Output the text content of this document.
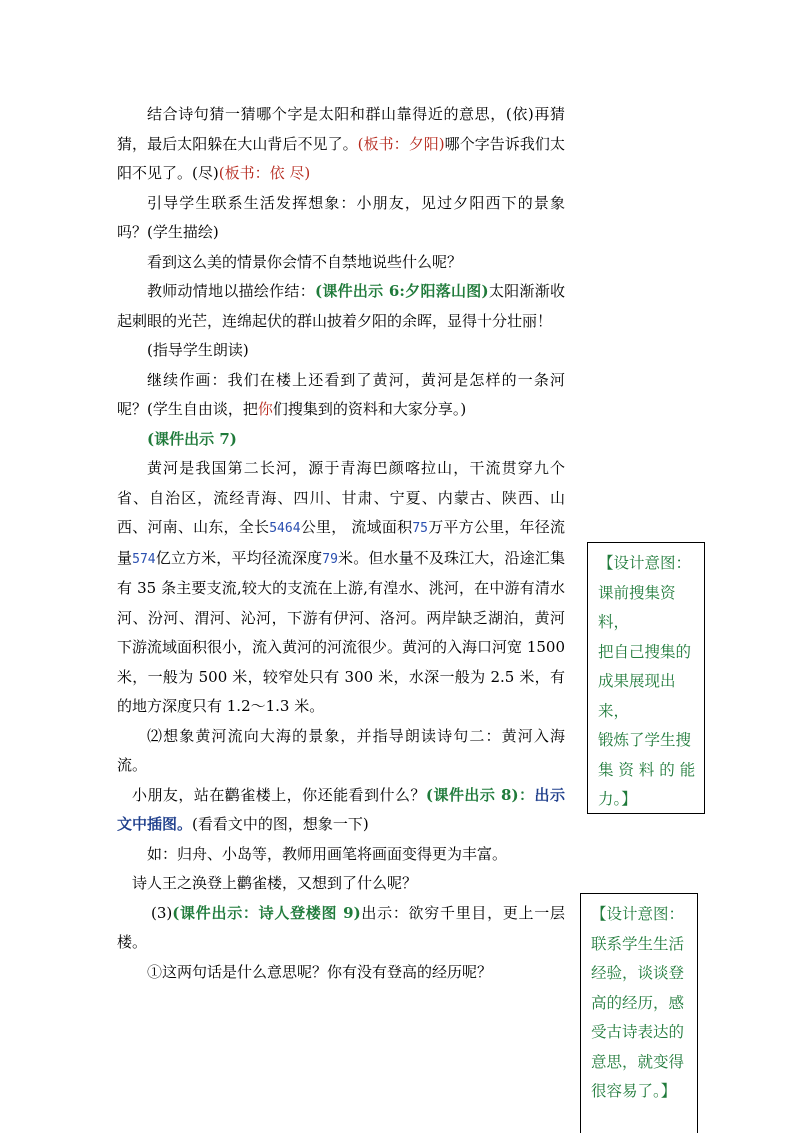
结合诗句猜一猜哪个字是太阳和群山靠得近的意思，(依)再猜猜，最后太阳躲在大山背后不见了。(板书：夕阳)哪个字告诉我们太阳不见了。(尽)(板书：依 尽)

引导学生联系生活发挥想象：小朋友，见过夕阳西下的景象吗？(学生描绘)

看到这么美的情景你会情不自禁地说些什么呢？

教师动情地以描绘作结：(课件出示 6:夕阳落山图)太阳渐渐收起刺眼的光芒，连绵起伏的群山披着夕阳的余晖，显得十分壮丽！

(指导学生朗读)

继续作画：我们在楼上还看到了黄河，黄河是怎样的一条河呢？(学生自由谈，把你们搜集到的资料和大家分享。)

(课件出示 7)

黄河是我国第二长河，源于青海巴颜喀拉山，干流贯穿九个省、自治区，流经青海、四川、甘肃、宁夏、内蒙古、陕西、山西、河南、山东，全长5464公里， 流域面积75万平方公里，年径流量574亿立方米，平均径流深度79米。但水量不及珠江大，沿途汇集有 35 条主要支流,较大的支流在上游,有湟水、洮河，在中游有清水河、汾河、渭河、沁河，下游有伊河、洛河。两岸缺乏湖泊，黄河下游流域面积很小，流入黄河的河流很少。黄河的入海口河宽 1500 米，一般为 500 米，较窄处只有 300 米，水深一般为 2.5 米，有的地方深度只有 1.2～1.3 米。

⑵想象黄河流向大海的景象，并指导朗读诗句二：黄河入海流。

小朋友，站在鹳雀楼上，你还能看到什么？(课件出示 8)：出示文中插图。(看看文中的图，想象一下)

如：归舟、小岛等，教师用画笔将画面变得更为丰富。

诗人王之涣登上鹳雀楼，又想到了什么呢？

(3)(课件出示：诗人登楼图 9)出示：欲穷千里目，更上一层楼。

①这两句话是什么意思呢？你有没有登高的经历呢？

【设计意图：

课前搜集资料，

把自己搜集的

成果展现出来，

锻炼了学生搜

集 资 料 的 能

力。】

【设计意图：

联系学生生活

经验，谈谈登

高的经历，感

受古诗表达的

意思，就变得

很容易了。】
